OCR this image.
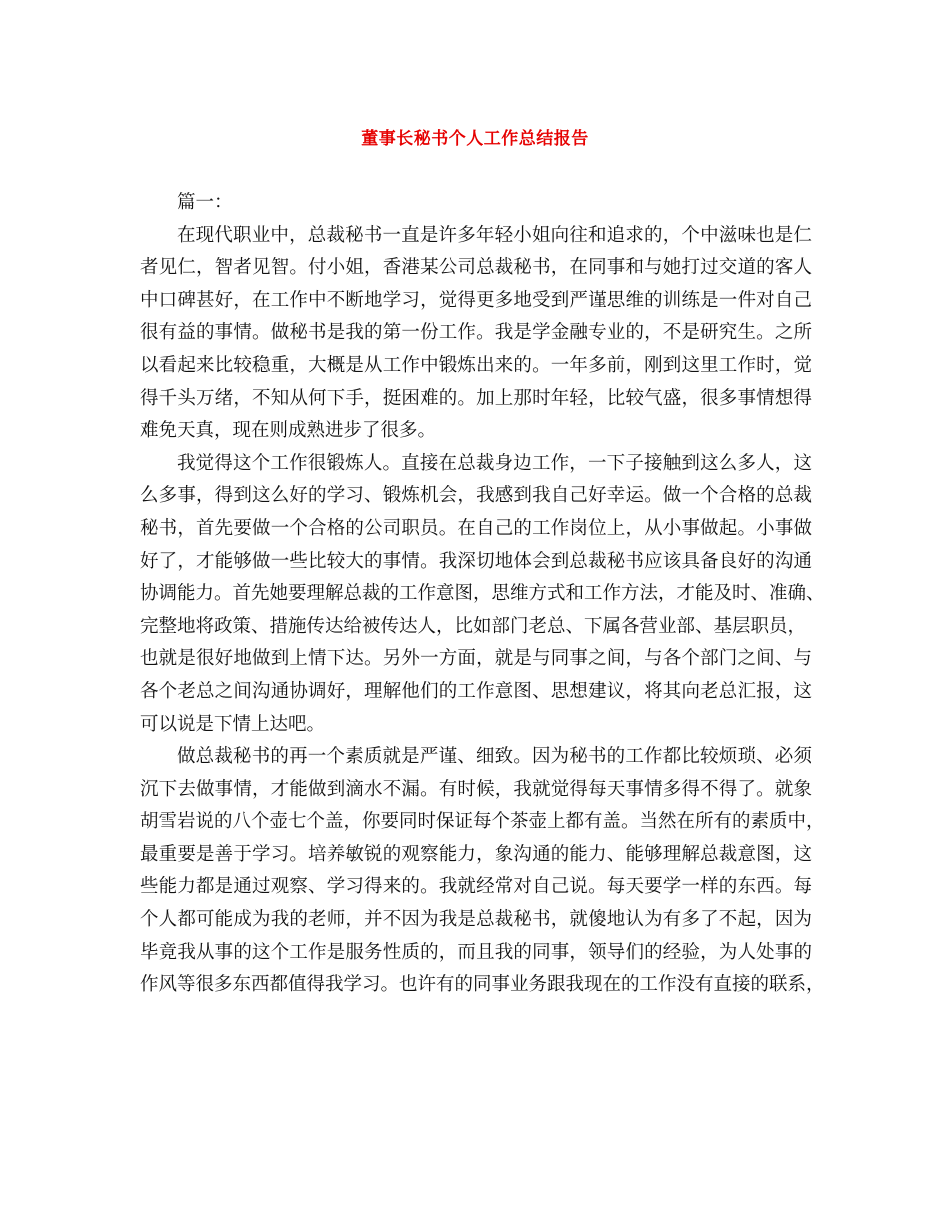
董事长秘书个人工作总结报告
篇一：
在现代职业中，总裁秘书一直是许多年轻小姐向往和追求的，个中滋味也是仁
者见仁，智者见智。付小姐，香港某公司总裁秘书，在同事和与她打过交道的客人
中口碑甚好，在工作中不断地学习，觉得更多地受到严谨思维的训练是一件对自己
很有益的事情。做秘书是我的第一份工作。我是学金融专业的，不是研究生。之所
以看起来比较稳重，大概是从工作中锻炼出来的。一年多前，刚到这里工作时，觉
得千头万绪，不知从何下手，挺困难的。加上那时年轻，比较气盛，很多事情想得
难免天真，现在则成熟进步了很多。
我觉得这个工作很锻炼人。直接在总裁身边工作，一下子接触到这么多人，这
么多事，得到这么好的学习、锻炼机会，我感到我自己好幸运。做一个合格的总裁
秘书，首先要做一个合格的公司职员。在自己的工作岗位上，从小事做起。小事做
好了，才能够做一些比较大的事情。我深切地体会到总裁秘书应该具备良好的沟通
协调能力。首先她要理解总裁的工作意图，思维方式和工作方法，才能及时、准确、
完整地将政策、措施传达给被传达人，比如部门老总、下属各营业部、基层职员，
也就是很好地做到上情下达。另外一方面，就是与同事之间，与各个部门之间、与
各个老总之间沟通协调好，理解他们的工作意图、思想建议，将其向老总汇报，这
可以说是下情上达吧。
做总裁秘书的再一个素质就是严谨、细致。因为秘书的工作都比较烦琐、必须
沉下去做事情，才能做到滴水不漏。有时候，我就觉得每天事情多得不得了。就象
胡雪岩说的八个壶七个盖，你要同时保证每个茶壶上都有盖。当然在所有的素质中，
最重要是善于学习。培养敏锐的观察能力，象沟通的能力、能够理解总裁意图，这
些能力都是通过观察、学习得来的。我就经常对自己说。每天要学一样的东西。每
个人都可能成为我的老师，并不因为我是总裁秘书，就傻地认为有多了不起，因为
毕竟我从事的这个工作是服务性质的，而且我的同事，领导们的经验，为人处事的
作风等很多东西都值得我学习。也许有的同事业务跟我现在的工作没有直接的联系，
